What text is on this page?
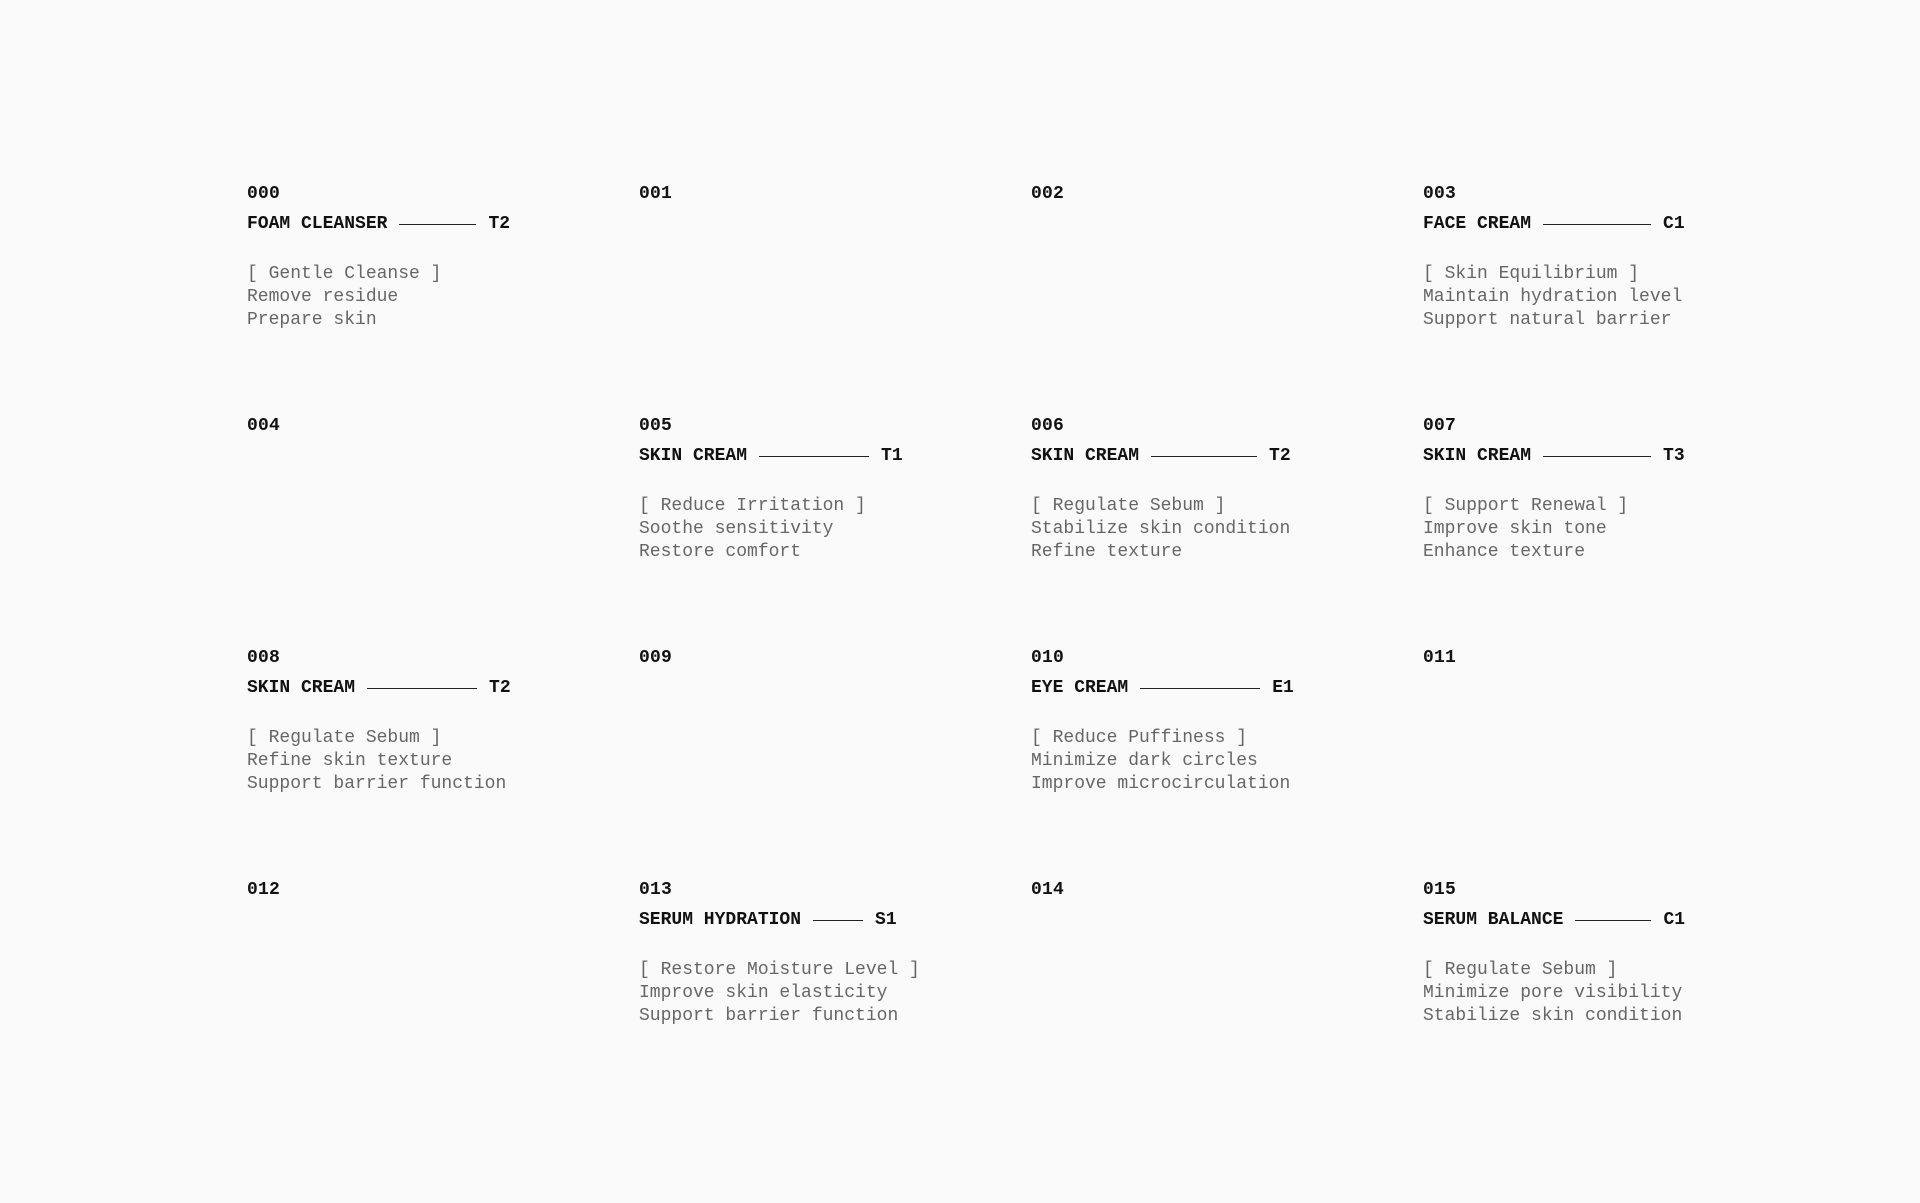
000
FOAM CLEANSER	T2
[ Gentle Cleanse ]
Remove residue
Prepare skin
001	002	003
FACE CREAM	C1
[ Skin Equilibrium ]
Maintain hydration level
Support natural barrier
004	005
SKIN CREAM	T1
[ Reduce Irritation ]
Soothe sensitivity
Restore comfort
006
SKIN CREAM	T2
[ Regulate Sebum ]
Stabilize skin condition
Refine texture
007
SKIN CREAM	T3
[ Support Renewal ]
Improve skin tone
Enhance texture
008
SKIN CREAM	T2
[ Regulate Sebum ]
Refine skin texture
Support barrier function
009	010
EYE CREAM	E1
[ Reduce Puffiness ]
Minimize dark circles
Improve microcirculation
011
012	013
SERUM HYDRATION	S1
[ Restore Moisture Level ]
Improve skin elasticity
Support barrier function
014	015
SERUM BALANCE	C1
[ Regulate Sebum ]
Minimize pore visibility
Stabilize skin condition
